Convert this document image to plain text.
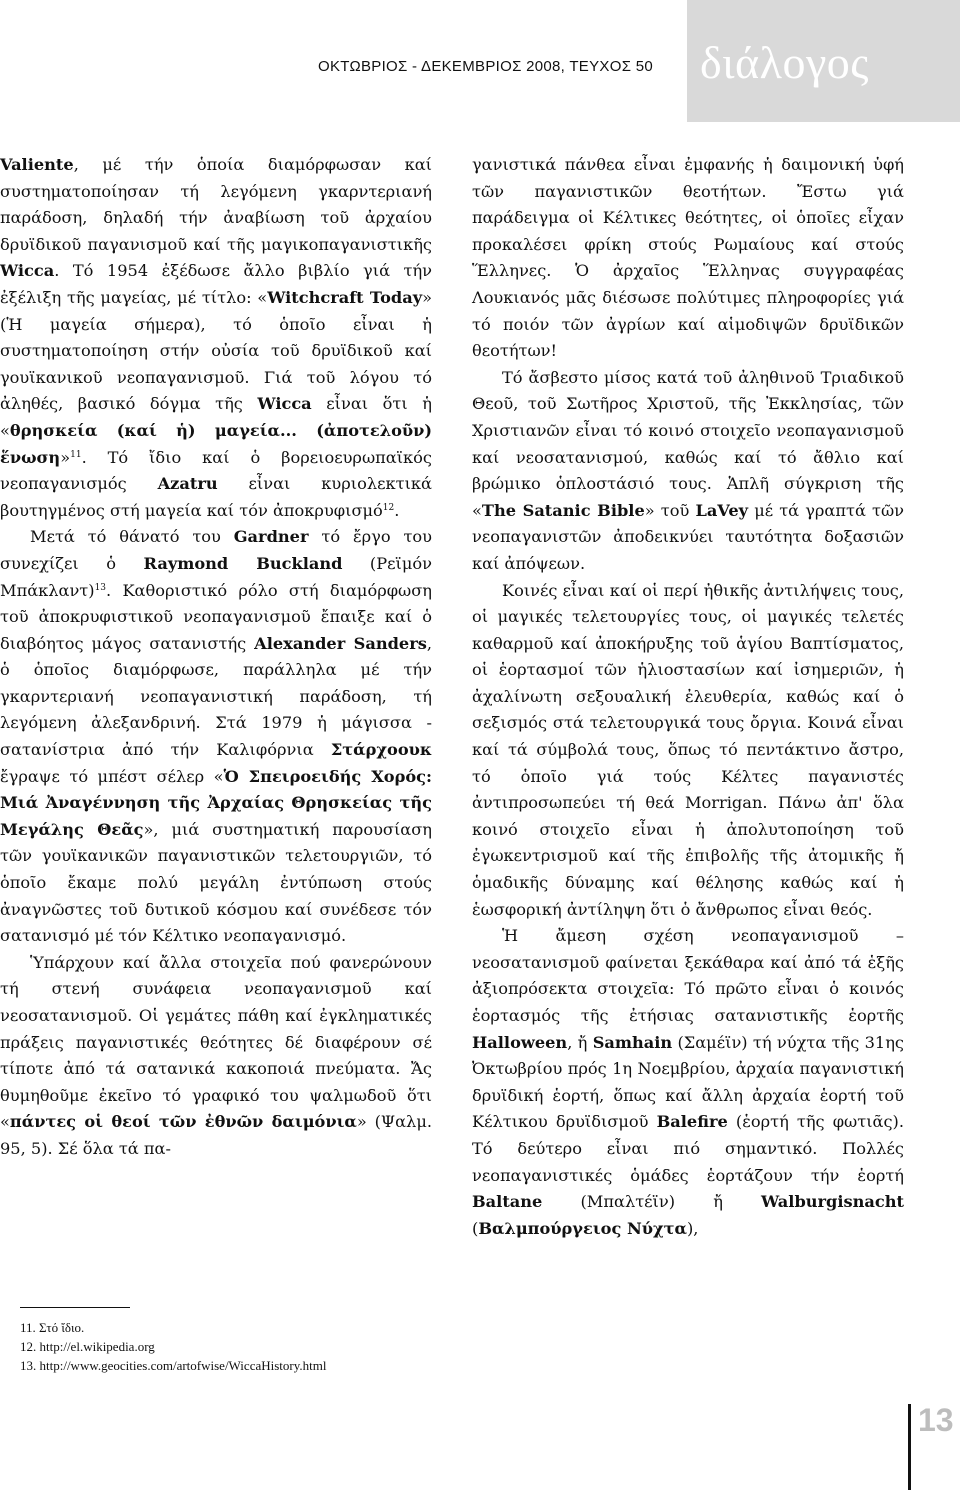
ΟΚΤΩΒΡΙΟΣ - ΔΕΚΕΜΒΡΙΟΣ 2008, ΤΕΥΧΟΣ 50 διάλογος

Valiente, μέ τήν ὁποία διαμόρφωσαν καί συστηματοποίησαν τή λεγόμενη γκαρντεριανή παράδοση, δηλαδή τήν ἀναβίωση τοῦ ἀρχαίου δρυϊδικοῦ παγανισμοῦ καί τῆς μαγικοπαγανιστικῆς Wicca. Τό 1954 ἐξέδωσε ἄλλο βιβλίο γιά τήν ἐξέλιξη τῆς μαγείας, μέ τίτλο: «Witchcraft Today» (Ἡ μαγεία σήμερα), τό ὁποῖο εἶναι ἡ συστηματοποίηση στήν οὐσία τοῦ δρυϊδικοῦ καί γουϊκανικοῦ νεοπαγανισμοῦ. Γιά τοῦ λόγου τό ἀληθές, βασικό δόγμα τῆς Wicca εἶναι ὅτι ἡ «θρησκεία (καί ἡ) μαγεία... (ἀποτελοῦν) ἕνωση»$^{11}$. Τό ἴδιο καί ὁ βορειοευρωπαϊκός νεοπαγανισμός Azatru εἶναι κυριολεκτικά βουτηγμένος στή μαγεία καί τόν ἀποκρυφισμό$^{12}$.

Μετά τό θάνατό του Gardner τό ἔργο του συνεχίζει ὁ Raymond Buckland (Ρεϊμόν Μπάκλαντ)$^{13}$. Καθοριστικό ρόλο στή διαμόρφωση τοῦ ἀποκρυφιστικοῦ νεοπαγανισμοῦ ἔπαιξε καί ὁ διαβόητος μάγος σατανιστής Alexander Sanders, ὁ ὁποῖος διαμόρφωσε, παράλληλα μέ τήν γκαρντεριανή νεοπαγανιστική παράδοση, τή λεγόμενη ἀλεξανδρινή. Στά 1979 ἡ μάγισσα - σατανίστρια ἀπό τήν Καλιφόρνια Στάρχοουκ ἔγραψε τό μπέστ σέλερ «Ὁ Σπειροειδής Χορός: Μιά Ἀναγέννηση τῆς Ἀρχαίας Θρησκείας τῆς Μεγάλης Θεᾶς», μιά συστηματική παρουσίαση τῶν γουϊκανικῶν παγανιστικῶν τελετουργιῶν, τό ὁποῖο ἔκαμε πολύ μεγάλη ἐντύπωση στούς ἀναγνῶστες τοῦ δυτικοῦ κόσμου καί συνέδεσε τόν σατανισμό μέ τόν Κέλτικο νεοπαγανισμό.

Ὑπάρχουν καί ἄλλα στοιχεῖα πού φανερώνουν τή στενή συνάφεια νεοπαγανισμοῦ καί νεοσατανισμοῦ. Οἱ γεμάτες πάθη καί ἐγκληματικές πράξεις παγανιστικές θεότητες δέ διαφέρουν σέ τίποτε ἀπό τά σατανικά κακοποιά πνεύματα. Ἄς θυμηθοῦμε ἐκεῖνο τό γραφικό του ψαλμωδοῦ ὅτι «πάντες οἱ θεοί τῶν ἐθνῶν δαιμόνια» (Ψαλμ. 95, 5). Σέ ὅλα τά πα-

γανιστικά πάνθεα εἶναι ἐμφανής ἡ δαιμονική ὑφή τῶν παγανιστικῶν θεοτήτων. Ἔστω γιά παράδειγμα οἱ Κέλτικες θεότητες, οἱ ὁποῖες εἶχαν προκαλέσει φρίκη στούς Ρωμαίους καί στούς Ἕλληνες. Ὁ ἀρχαῖος Ἕλληνας συγγραφέας Λουκιανός μᾶς διέσωσε πολύτιμες πληροφορίες γιά τό ποιόν τῶν ἀγρίων καί αἱμοδιψῶν δρυϊδικῶν θεοτήτων!

Τό ἄσβεστο μίσος κατά τοῦ ἀληθινοῦ Τριαδικοῦ Θεοῦ, τοῦ Σωτῆρος Χριστοῦ, τῆς Ἐκκλησίας, τῶν Χριστιανῶν εἶναι τό κοινό στοιχεῖο νεοπαγανισμοῦ καί νεοσατανισμού, καθώς καί τό ἄθλιο καί βρώμικο ὁπλοστάσιό τους. Ἁπλῆ σύγκριση τῆς «The Satanic Bible» τοῦ LaVey μέ τά γραπτά τῶν νεοπαγανιστῶν ἀποδεικνύει ταυτότητα δοξασιῶν καί ἀπόψεων.

Κοινές εἶναι καί οἱ περί ἠθικῆς ἀντιλήψεις τους, οἱ μαγικές τελετουργίες τους, οἱ μαγικές τελετές καθαρμοῦ καί ἀποκήρυξης τοῦ ἁγίου Βαπτίσματος, οἱ ἑορτασμοί τῶν ἡλιοστασίων καί ἰσημεριῶν, ἡ ἀχαλίνωτη σεξουαλική ἐλευθερία, καθώς καί ὁ σεξισμός στά τελετουργικά τους ὄργια. Κοινά εἶναι καί τά σύμβολά τους, ὅπως τό πεντάκτινο ἄστρο, τό ὁποῖο γιά τούς Κέλτες παγανιστές ἀντιπροσωπεύει τή θεά Morrigan. Πάνω ἀπ' ὅλα κοινό στοιχεῖο εἶναι ἡ ἀπολυτοποίηση τοῦ ἐγωκεντρισμοῦ καί τῆς ἐπιβολῆς τῆς ἀτομικῆς ἤ ὁμαδικῆς δύναμης καί θέλησης καθώς καί ἡ ἑωσφορική ἀντίληψη ὅτι ὁ ἄνθρωπος εἶναι θεός.

Ἡ ἄμεση σχέση νεοπαγανισμοῦ – νεοσατανισμοῦ φαίνεται ξεκάθαρα καί ἀπό τά ἑξῆς ἀξιοπρόσεκτα στοιχεῖα: Τό πρῶτο εἶναι ὁ κοινός ἑορτασμός τῆς ἐτήσιας σατανιστικῆς ἑορτῆς Halloween, ἤ Samhain (Σαμέϊν) τή νύχτα τῆς 31ης Ὀκτωβρίου πρός 1η Νοεμβρίου, ἀρχαία παγανιστική δρυϊδική ἑορτή, ὅπως καί ἄλλη ἀρχαία ἑορτή τοῦ Κέλτικου δρυϊδισμοῦ Balefire (ἑορτή τῆς φωτιᾶς). Τό δεύτερο εἶναι πιό σημαντικό. Πολλές νεοπαγανιστικές ὁμάδες ἑορτάζουν τήν ἑορτή Baltane (Μπαλτέϊν) ἤ Walburgisnacht (Βαλμπούργειος Νύχτα),

11. Στό ἴδιο.
12. http://el.wikipedia.org
13. http://www.geocities.com/artofwise/WiccaHistory.html
13
